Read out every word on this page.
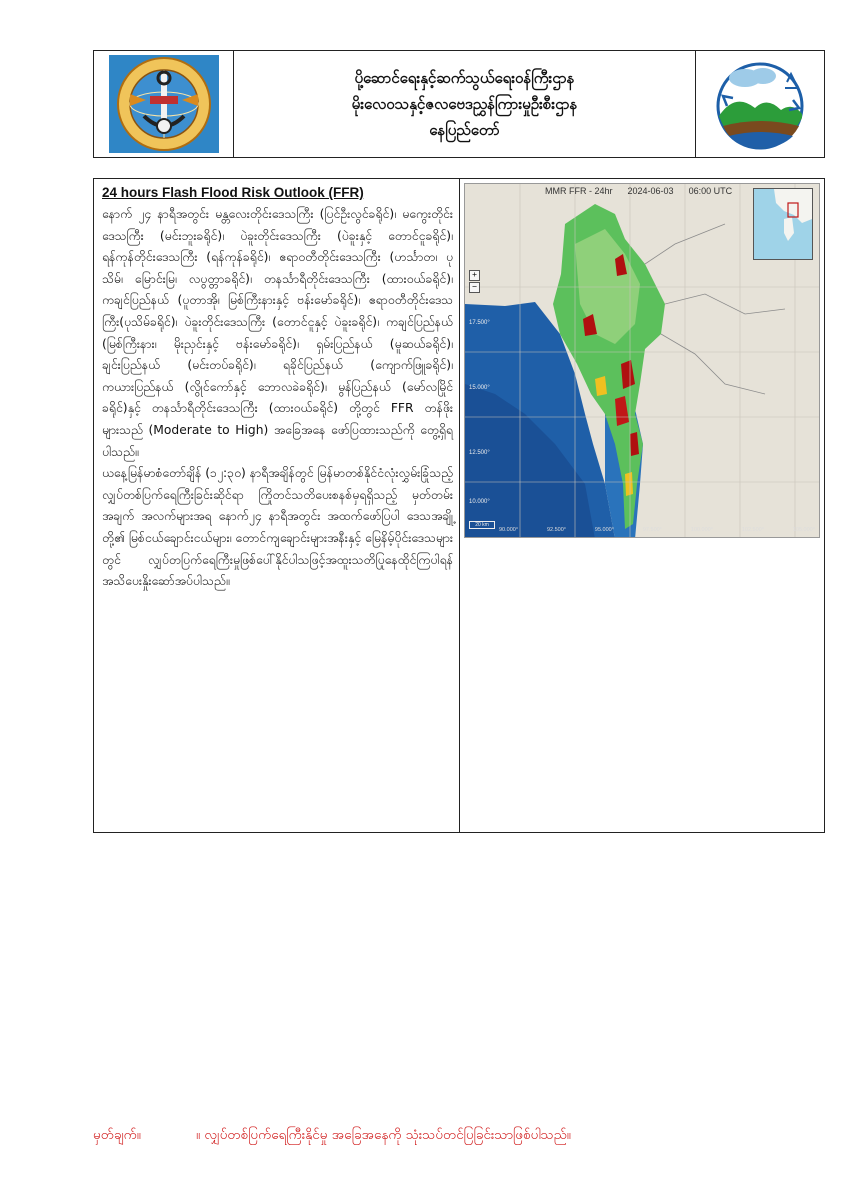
ပို့ဆောင်ရေးနှင့်ဆက်သွယ်ရေးဝန်ကြီးဌာန
မိုးလေဝသနှင့်ဇလဗေဒညွှန်ကြားမှုဦးစီးဌာန
နေပြည်တော်
24 hours Flash Flood Risk Outlook (FFR)

နောက် ၂၄ နာရီအတွင်း မန္တလေးတိုင်းဒေသကြီး (ပြင်ဦးလွင်ခရိုင်)၊ မကွေးတိုင်းဒေသကြီး (မင်းဘူးခရိုင်)၊ ပဲခူးတိုင်းဒေသကြီး (ပဲခူးနှင့် တောင်ငူခရိုင်)၊ ရန်ကုန်တိုင်းဒေသကြီး (ရန်ကုန်ခရိုင်)၊ ဧရာဝတီတိုင်းဒေသကြီး (ဟင်္သာတ၊ ပုသိမ်၊ မြောင်းမြ၊ လပွတ္တာခရိုင်)၊ တနင်္သာရီတိုင်းဒေသကြီး (ထားဝယ်ခရိုင်)၊ ကချင်ပြည်နယ် (ပူတာအို၊ မြစ်ကြီးနားနှင့် ဗန်းမော်ခရိုင်)၊ ဧရာဝတီတိုင်းဒေသကြီး(ပုသိမ်ခရိုင်)၊ ပဲခူးတိုင်းဒေသကြီး (တောင်ငူနှင့် ပဲခူးခရိုင်)၊ ကချင်ပြည်နယ် (မြစ်ကြီးနား၊ မိုးညှင်းနှင့် ဗန်းမော်ခရိုင်)၊ ရှမ်းပြည်နယ် (မူဆယ်ခရိုင်)၊ ချင်းပြည်နယ် (မင်းတပ်ခရိုင်)၊ ရခိုင်ပြည်နယ် (ကျောက်ဖြူခရိုင်)၊ ကယားပြည်နယ် (လွိုင်ကော်နှင့် ဘောလခဲခရိုင်)၊ မွန်ပြည်နယ် (မော်လမြိုင်ခရိုင်)နှင့် တနင်္သာရီတိုင်းဒေသကြီး (ထားဝယ်ခရိုင်) တို့တွင် FFR တန်ဖိုးများသည် (Moderate to High) အခြေအနေ ဖော်ပြထားသည်ကို တွေ့ရှိရပါသည်။

ယနေ့မြန်မာစံတော်ချိန် (၁၂:၃၀) နာရီအချိန်တွင် မြန်မာတစ်နိုင်ငံလုံးလွှမ်းခြုံသည့် လျှပ်တစ်ပြက်ရေကြီးခြင်းဆိုင်ရာ ကြိုတင်သတိပေးစနစ်မှရရှိသည့် မှတ်တမ်းအချက် အလက်များအရ နောက်၂၄ နာရီအတွင်း အထက်ဖော်ပြပါ ဒေသအချို့တို့၏ မြစ်ငယ်ချောင်းငယ်များ၊ တောင်ကျချောင်းများအနီးနှင့် မြေနိမ့်ပိုင်းဒေသများတွင် လျှပ်တပြက်ရေကြီးမှုဖြစ်ပေါ်နိုင်ပါသဖြင့်အထူးသတိပြုနေထိုင်ကြပါရန် အသိပေးနှိုးဆော်အပ်ပါသည်။

MMR FFR - 24hr 2024-06-03 06:00 UTC
+
−
17.500°
15.000°
12.500°
10.000°
20 km
90.000°	92.500°	95.000°	97.500°	100.000°	102.500°	105.000°
မှတ်ချက်။	။ လျှပ်တစ်ပြက်ရေကြီးနိုင်မှု အခြေအနေကို သုံးသပ်တင်ပြခြင်းသာဖြစ်ပါသည်။
